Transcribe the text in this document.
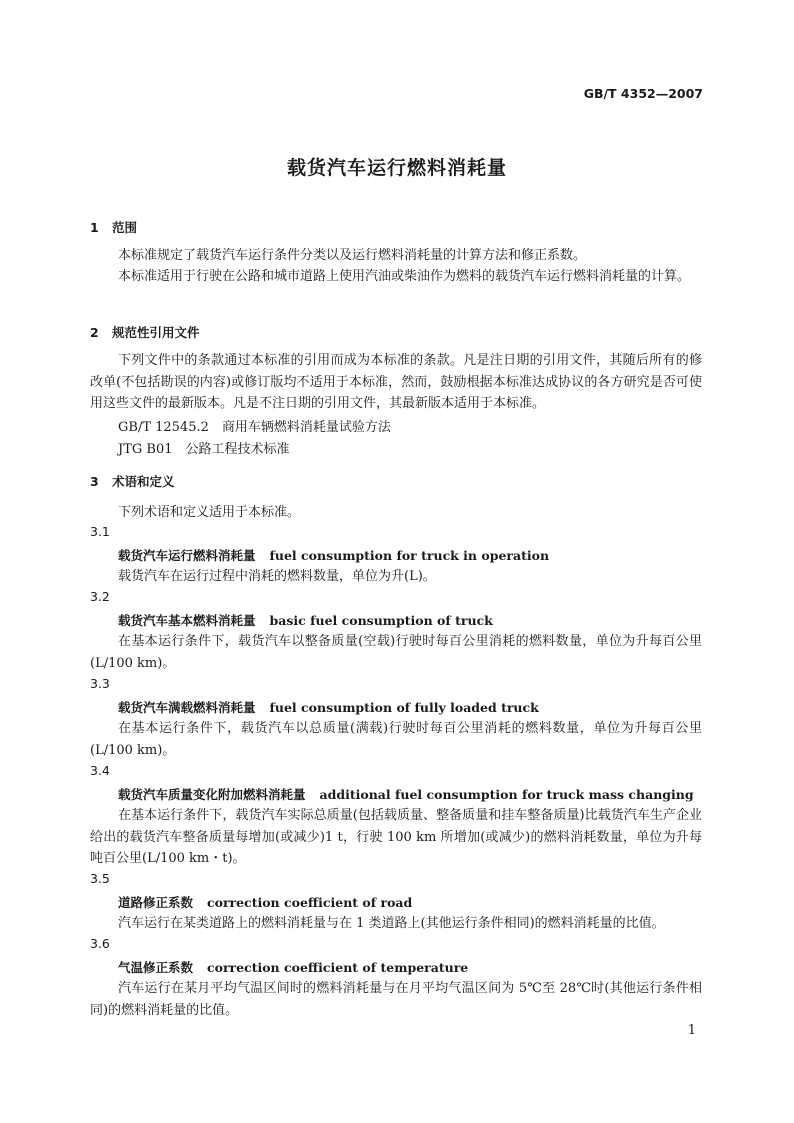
GB/T 4352—2007
载货汽车运行燃料消耗量
1 范围
本标准规定了载货汽车运行条件分类以及运行燃料消耗量的计算方法和修正系数。
本标准适用于行驶在公路和城市道路上使用汽油或柴油作为燃料的载货汽车运行燃料消耗量的计算。
2 规范性引用文件
下列文件中的条款通过本标准的引用而成为本标准的条款。凡是注日期的引用文件，其随后所有的修改单(不包括勘误的内容)或修订版均不适用于本标准，然而，鼓励根据本标准达成协议的各方研究是否可使用这些文件的最新版本。凡是不注日期的引用文件，其最新版本适用于本标准。
GB/T 12545.2 商用车辆燃料消耗量试验方法
JTG B01 公路工程技术标准
3 术语和定义
下列术语和定义适用于本标准。
3.1
载货汽车运行燃料消耗量 fuel consumption for truck in operation
载货汽车在运行过程中消耗的燃料数量，单位为升(L)。
3.2
载货汽车基本燃料消耗量 basic fuel consumption of truck
在基本运行条件下，载货汽车以整备质量(空载)行驶时每百公里消耗的燃料数量，单位为升每百公里(L/100 km)。
3.3
载货汽车满载燃料消耗量 fuel consumption of fully loaded truck
在基本运行条件下，载货汽车以总质量(满载)行驶时每百公里消耗的燃料数量，单位为升每百公里(L/100 km)。
3.4
载货汽车质量变化附加燃料消耗量 additional fuel consumption for truck mass changing
在基本运行条件下，载货汽车实际总质量(包括载质量、整备质量和挂车整备质量)比载货汽车生产企业给出的载货汽车整备质量每增加(或减少)1 t，行驶 100 km 所增加(或减少)的燃料消耗数量，单位为升每吨百公里(L/100 km・t)。
3.5
道路修正系数 correction coefficient of road
汽车运行在某类道路上的燃料消耗量与在 1 类道路上(其他运行条件相同)的燃料消耗量的比值。
3.6
气温修正系数 correction coefficient of temperature
汽车运行在某月平均气温区间时的燃料消耗量与在月平均气温区间为 5℃至 28℃时(其他运行条件相同)的燃料消耗量的比值。
1
